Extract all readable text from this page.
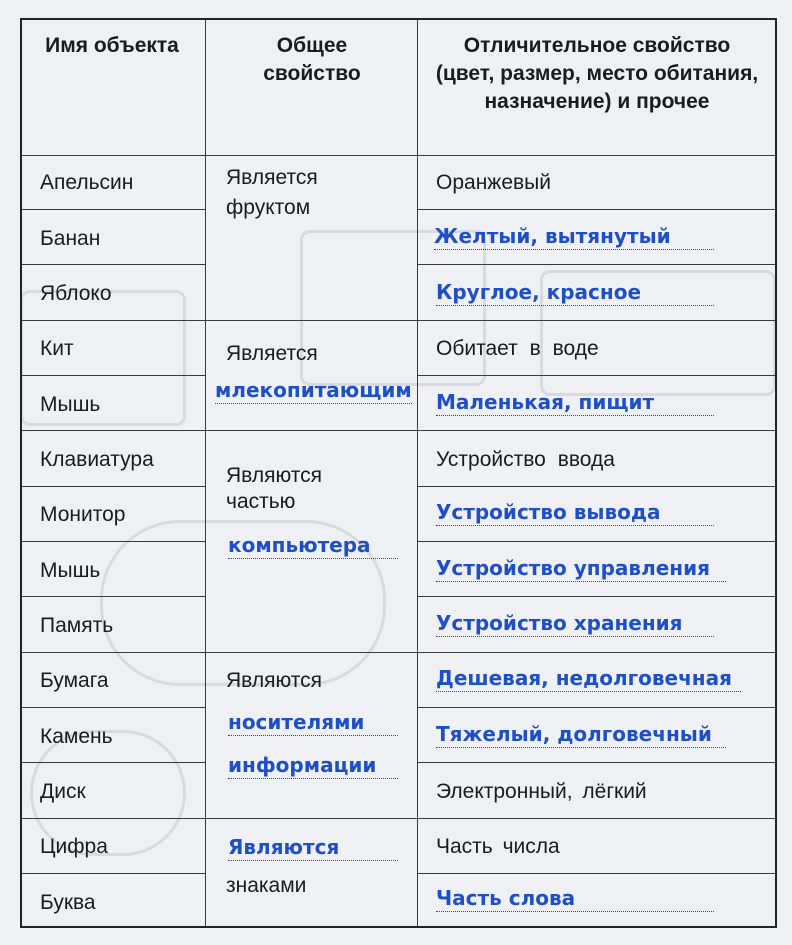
Имя объекта	Общее свойство
Отличительное свойство (цвет, размер, место обитания, назначение) и прочее
Апельсин
Банан
Яблоко
Кит
Мышь
Клавиатура
Монитор
Мышь
Память
Бумага
Камень
Диск
Цифра
Буква
Является
фруктом
Является
млекопитающим
Являются
частью
компьютера
Являются
носителями
информации
Являются
знаками
Оранжевый
Желтый, вытянутый
Круглое, красное
Обитает в воде
Маленькая, пищит
Устройство ввода
Устройство вывода
Устройство управления
Устройство хранения
Дешевая, недолговечная
Тяжелый, долговечный
Электронный, лёгкий
Часть числа
Часть слова
